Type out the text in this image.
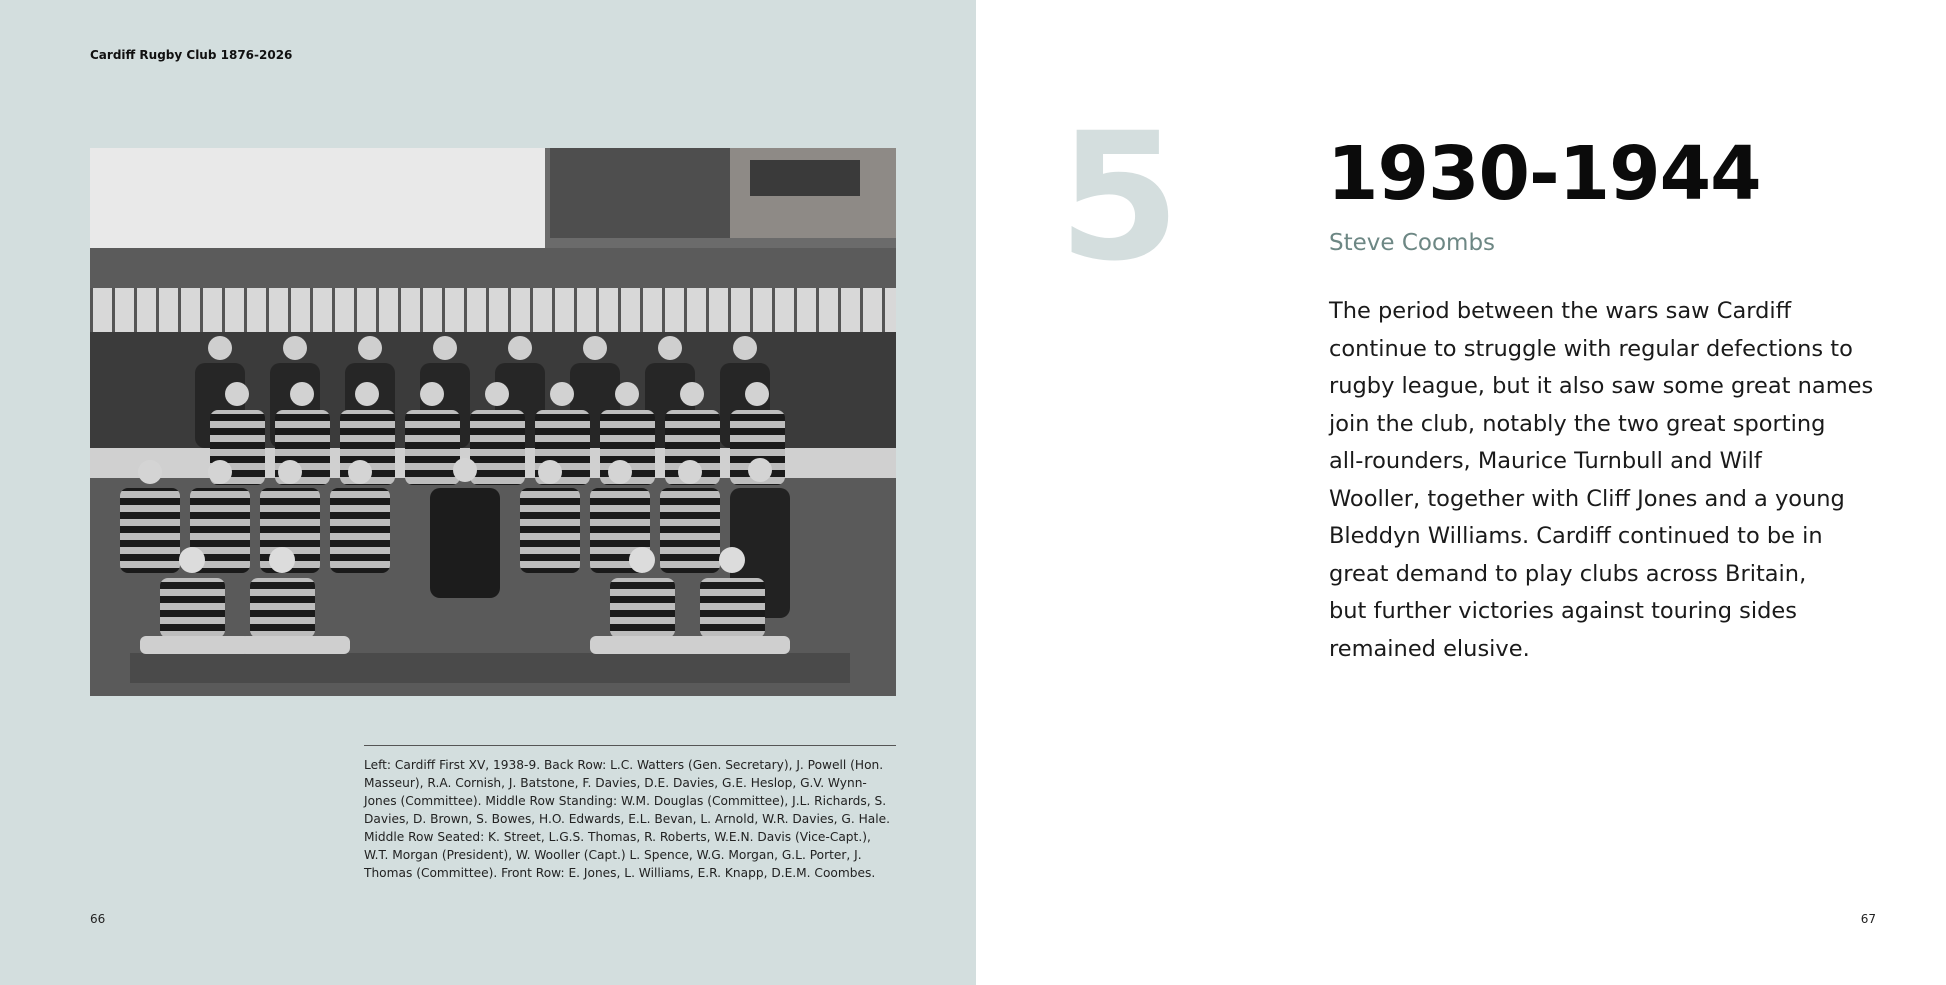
Cardiff Rugby Club 1876-2026
Left: Cardiff First XV, 1938-9. Back Row: L.C. Watters (Gen. Secretary), J. Powell (Hon. Masseur), R.A. Cornish, J. Batstone, F. Davies, D.E. Davies, G.E. Heslop, G.V. Wynn-Jones (Committee). Middle Row Standing: W.M. Douglas (Committee), J.L. Richards, S. Davies, D. Brown, S. Bowes, H.O. Edwards, E.L. Bevan, L. Arnold, W.R. Davies, G. Hale. Middle Row Seated: K. Street, L.G.S. Thomas, R. Roberts, W.E.N. Davis (Vice-Capt.), W.T. Morgan (President), W. Wooller (Capt.) L. Spence, W.G. Morgan, G.L. Porter, J. Thomas (Committee). Front Row: E. Jones, L. Williams, E.R. Knapp, D.E.M. Coombes.
66
5 1930-1944
Steve Coombs
The period between the wars saw Cardiff
continue to struggle with regular defections to
rugby league, but it also saw some great names
join the club, notably the two great sporting
all-rounders, Maurice Turnbull and Wilf
Wooller, together with Cliff Jones and a young
Bleddyn Williams. Cardiff continued to be in
great demand to play clubs across Britain,
but further victories against touring sides
remained elusive.
67
